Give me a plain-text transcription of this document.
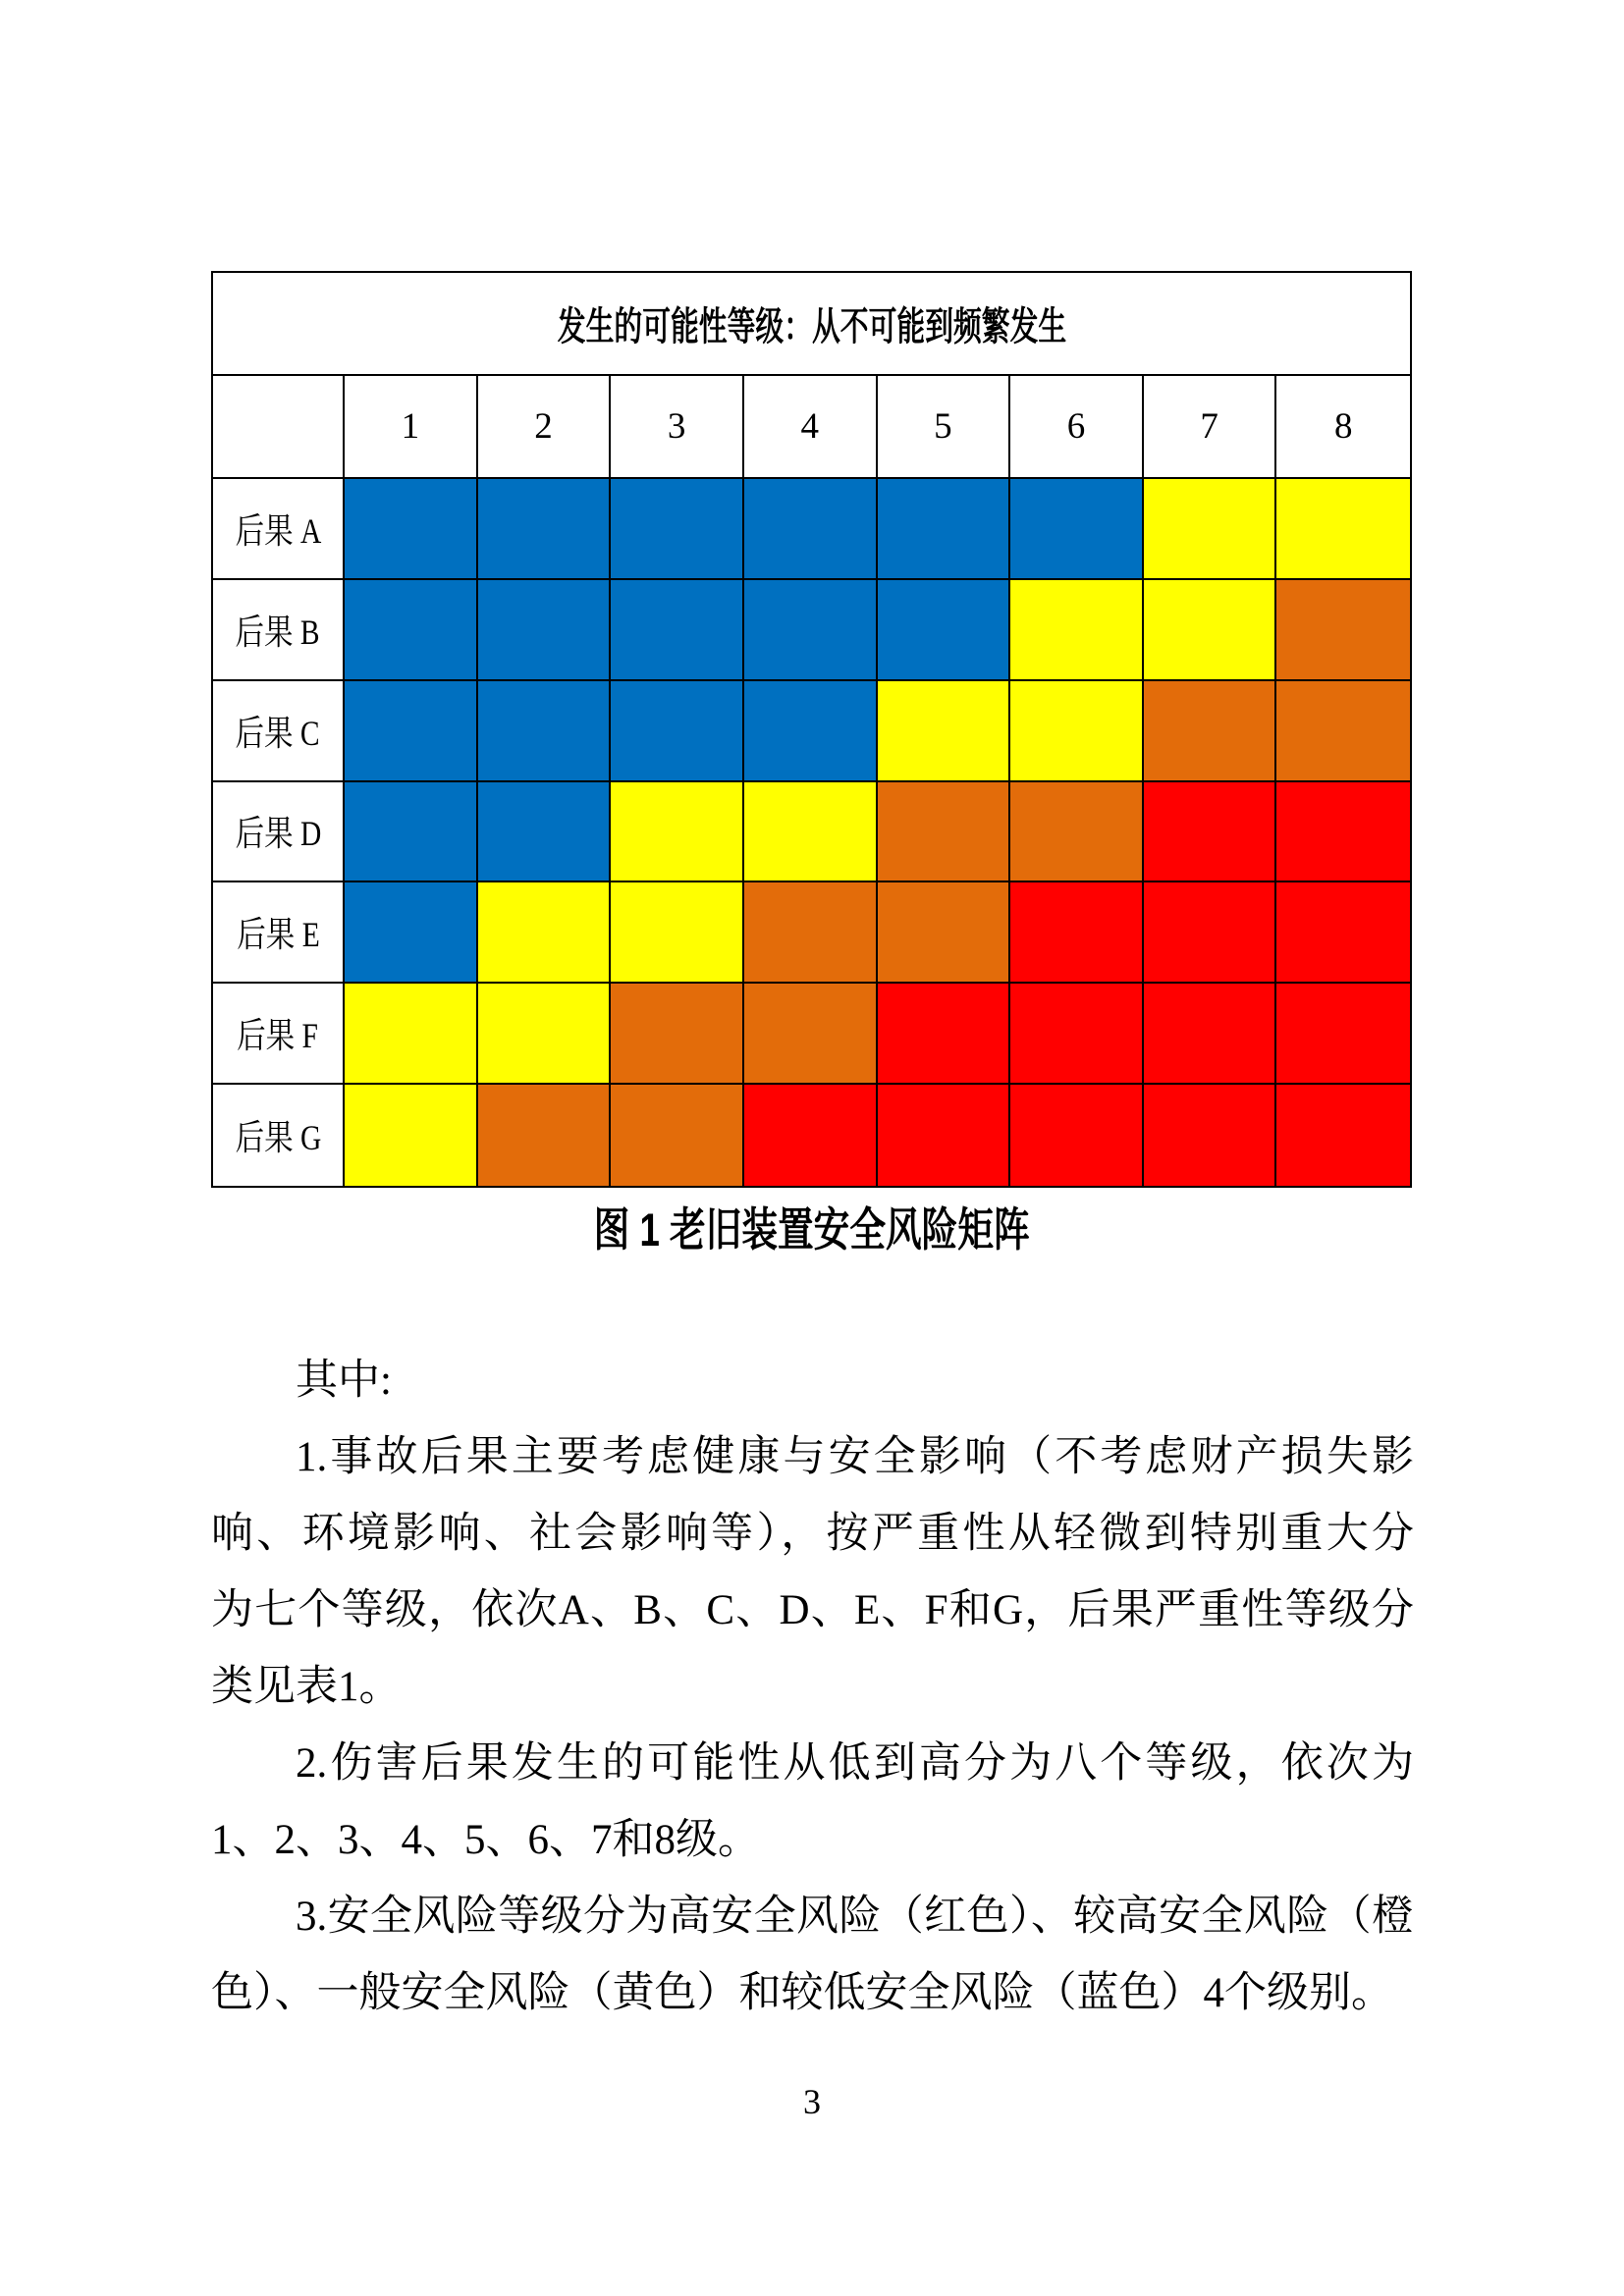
发生的可能性等级：从不可能到频繁发生
1	2	3	4	5	6	7	8
后果 A
后果 B
后果 C
后果 D
后果 E
后果 F
后果 G
图 1 老旧装置安全风险矩阵
其中:
1.事故后果主要考虑健康与安全影响（不考虑财产损失影
响、环境影响、社会影响等），按严重性从轻微到特别重大分
为七个等级，依次A、B、C、D、E、F和G，后果严重性等级分
类见表1。
2.伤害后果发生的可能性从低到高分为八个等级，依次为
1、2、3、4、5、6、7和8级。
3.安全风险等级分为高安全风险（红色）、较高安全风险（橙
色）、一般安全风险（黄色）和较低安全风险（蓝色）4个级别。
3
